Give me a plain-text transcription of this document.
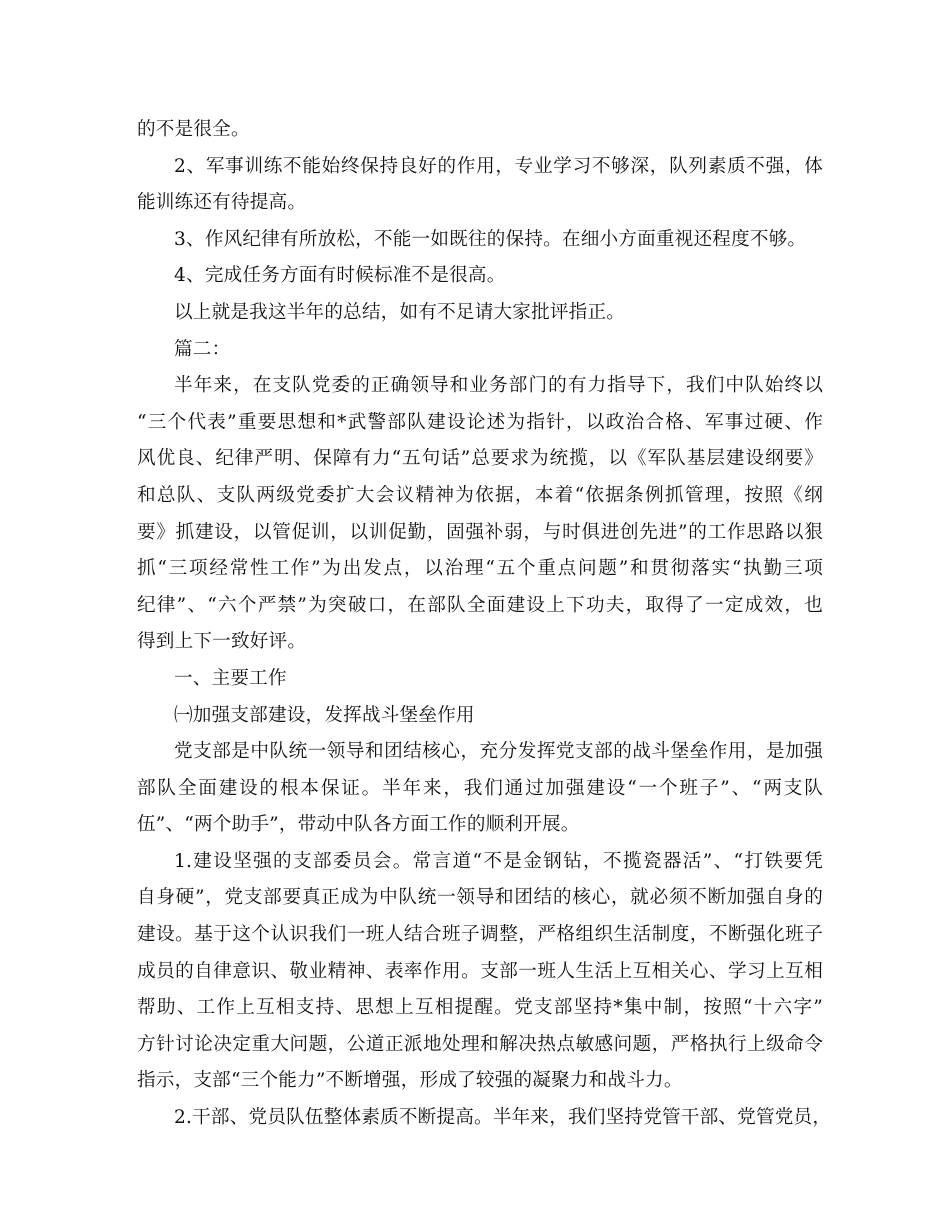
的不是很全。
2、军事训练不能始终保持良好的作用，专业学习不够深，队列素质不强，体
能训练还有待提高。
3、作风纪律有所放松，不能一如既往的保持。在细小方面重视还程度不够。
4、完成任务方面有时候标准不是很高。
以上就是我这半年的总结，如有不足请大家批评指正。
篇二：
半年来，在支队党委的正确领导和业务部门的有力指导下，我们中队始终以
“三个代表”重要思想和*武警部队建设论述为指针，以政治合格、军事过硬、作
风优良、纪律严明、保障有力“五句话”总要求为统揽，以《军队基层建设纲要》
和总队、支队两级党委扩大会议精神为依据，本着“依据条例抓管理，按照《纲
要》抓建设，以管促训，以训促勤，固强补弱，与时俱进创先进”的工作思路以狠
抓“三项经常性工作”为出发点，以治理“五个重点问题”和贯彻落实“执勤三项
纪律”、“六个严禁”为突破口，在部队全面建设上下功夫，取得了一定成效，也
得到上下一致好评。
一、主要工作
㈠加强支部建设，发挥战斗堡垒作用
党支部是中队统一领导和团结核心，充分发挥党支部的战斗堡垒作用，是加强
部队全面建设的根本保证。半年来，我们通过加强建设“一个班子”、“两支队
伍”、“两个助手”，带动中队各方面工作的顺利开展。
1.建设坚强的支部委员会。常言道“不是金钢钻，不揽瓷器活”、“打铁要凭
自身硬”，党支部要真正成为中队统一领导和团结的核心，就必须不断加强自身的
建设。基于这个认识我们一班人结合班子调整，严格组织生活制度，不断强化班子
成员的自律意识、敬业精神、表率作用。支部一班人生活上互相关心、学习上互相
帮助、工作上互相支持、思想上互相提醒。党支部坚持*集中制，按照“十六字”
方针讨论决定重大问题，公道正派地处理和解决热点敏感问题，严格执行上级命令
指示，支部“三个能力”不断增强，形成了较强的凝聚力和战斗力。
2.干部、党员队伍整体素质不断提高。半年来，我们坚持党管干部、党管党员，
